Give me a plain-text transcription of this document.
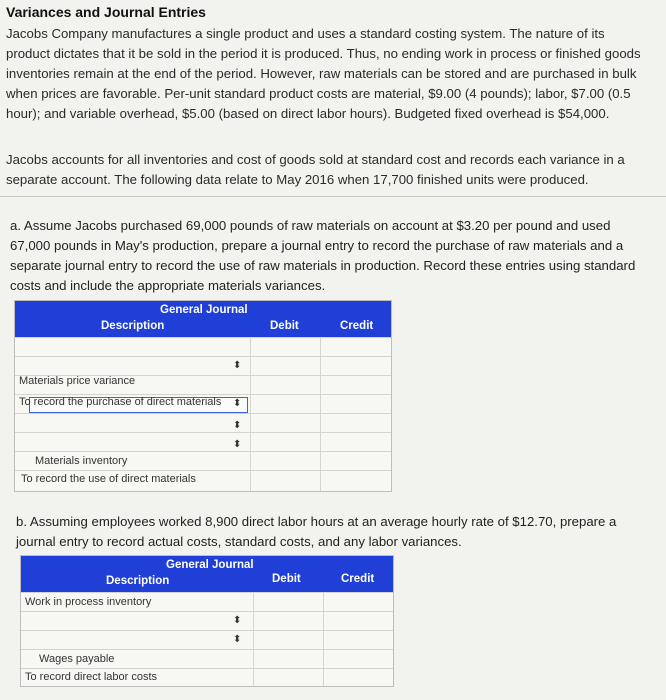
Variances and Journal Entries
Jacobs Company manufactures a single product and uses a standard costing system. The nature of its product dictates that it be sold in the period it is produced. Thus, no ending work in process or finished goods inventories remain at the end of the period. However, raw materials can be stored and are purchased in bulk when prices are favorable. Per-unit standard product costs are material, $9.00 (4 pounds); labor, $7.00 (0.5 hour); and variable overhead, $5.00 (based on direct labor hours). Budgeted fixed overhead is $54,000.
Jacobs accounts for all inventories and cost of goods sold at standard cost and records each variance in a separate account. The following data relate to May 2016 when 17,700 finished units were produced.
a. Assume Jacobs purchased 69,000 pounds of raw materials on account at $3.20 per pound and used 67,000 pounds in May's production, prepare a journal entry to record the purchase of raw materials and a separate journal entry to record the use of raw materials in production. Record these entries using standard costs and include the appropriate materials variances.
General Journal
Description	Debit	Credit
⬍
Materials price variance
⬍
To record the purchase of direct materials
⬍
⬍
Materials inventory
To record the use of direct materials
b. Assuming employees worked 8,900 direct labor hours at an average hourly rate of $12.70, prepare a journal entry to record actual costs, standard costs, and any labor variances.
General Journal
Description	Debit	Credit
Work in process inventory
⬍
⬍
Wages payable
To record direct labor costs
